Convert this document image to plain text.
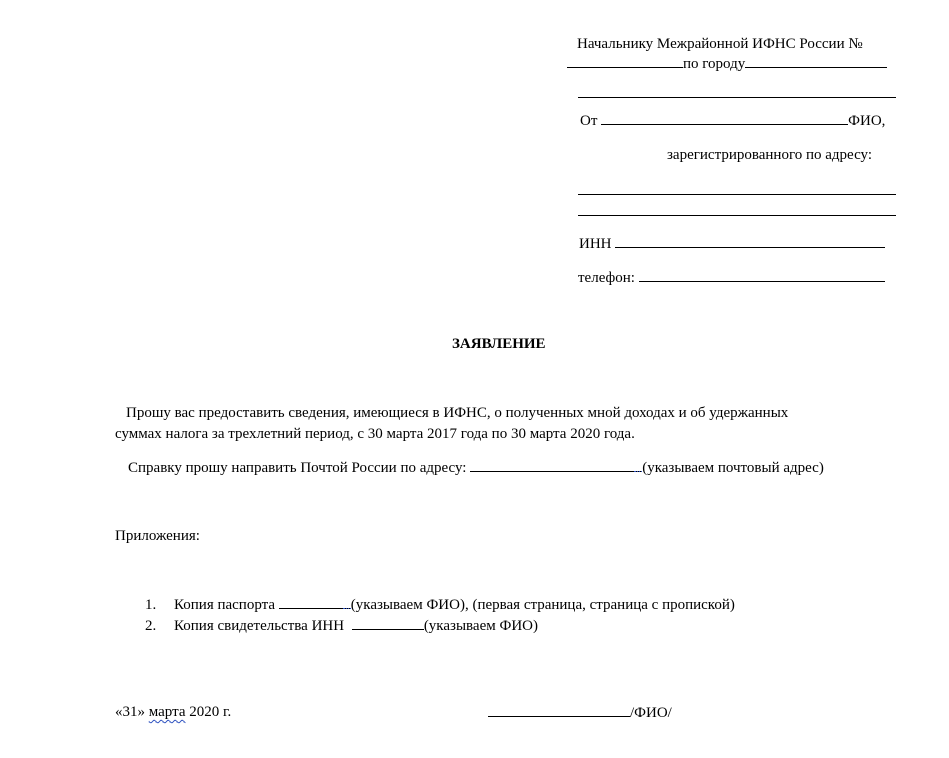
Начальнику Межрайонной ИФНС России №
по городу
От	ФИО,
зарегистрированного по адресу:
ИНН
телефон:
ЗАЯВЛЕНИЕ
Прошу вас предоставить сведения, имеющиеся в ИФНС, о полученных мной доходах и об удержанных
суммах налога за трехлетний период, с 30 марта 2017 года по 30 марта 2020 года.
Справку прошу направить Почтой России по адресу:	(указываем почтовый адрес)
Приложения:
1. Копия паспорта	(указываем ФИО), (первая страница, страница с пропиской)
2. Копия свидетельства ИНН	(указываем ФИО)
«31» марта 2020 г.	/ФИО/
